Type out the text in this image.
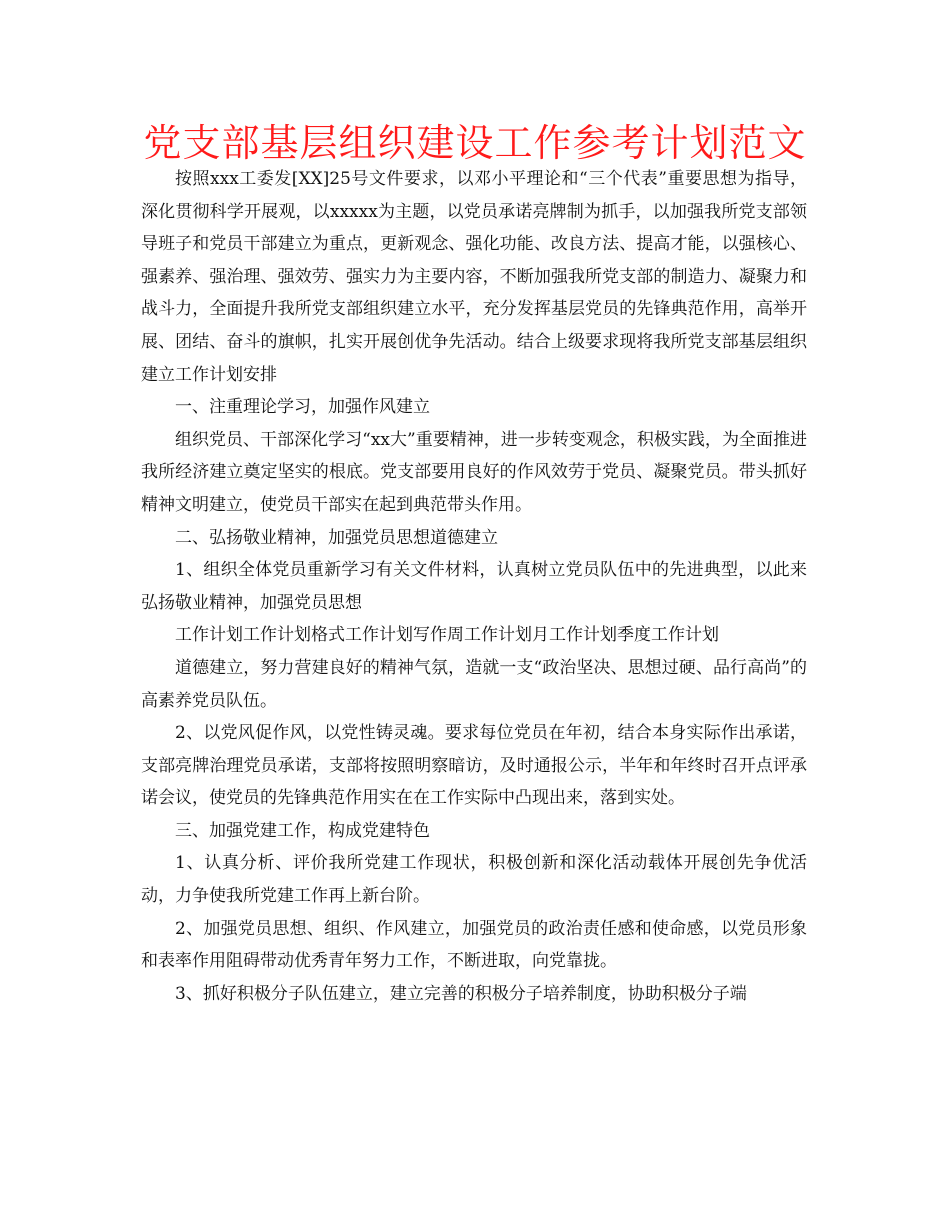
党支部基层组织建设工作参考计划范文

按照xxx工委发[XX]25号文件要求，以邓小平理论和“三个代表”重要思想为指导，深化贯彻科学开展观，以xxxxx为主题，以党员承诺亮牌制为抓手，以加强我所党支部领导班子和党员干部建立为重点，更新观念、强化功能、改良方法、提高才能，以强核心、强素养、强治理、强效劳、强实力为主要内容，不断加强我所党支部的制造力、凝聚力和战斗力，全面提升我所党支部组织建立水平，充分发挥基层党员的先锋典范作用，高举开展、团结、奋斗的旗帜，扎实开展创优争先活动。结合上级要求现将我所党支部基层组织建立工作计划安排

一、注重理论学习，加强作风建立

组织党员、干部深化学习“xx大”重要精神，进一步转变观念，积极实践，为全面推进我所经济建立奠定坚实的根底。党支部要用良好的作风效劳于党员、凝聚党员。带头抓好精神文明建立，使党员干部实在起到典范带头作用。

二、弘扬敬业精神，加强党员思想道德建立

1、组织全体党员重新学习有关文件材料，认真树立党员队伍中的先进典型，以此来弘扬敬业精神，加强党员思想

工作计划工作计划格式工作计划写作周工作计划月工作计划季度工作计划

道德建立，努力营建良好的精神气氛，造就一支“政治坚决、思想过硬、品行高尚”的高素养党员队伍。

2、以党风促作风，以党性铸灵魂。要求每位党员在年初，结合本身实际作出承诺，支部亮牌治理党员承诺，支部将按照明察暗访，及时通报公示，半年和年终时召开点评承诺会议，使党员的先锋典范作用实在在工作实际中凸现出来，落到实处。

三、加强党建工作，构成党建特色

1、认真分析、评价我所党建工作现状，积极创新和深化活动载体开展创先争优活动，力争使我所党建工作再上新台阶。

2、加强党员思想、组织、作风建立，加强党员的政治责任感和使命感，以党员形象和表率作用阻碍带动优秀青年努力工作，不断进取，向党靠拢。

3、抓好积极分子队伍建立，建立完善的积极分子培养制度，协助积极分子端
